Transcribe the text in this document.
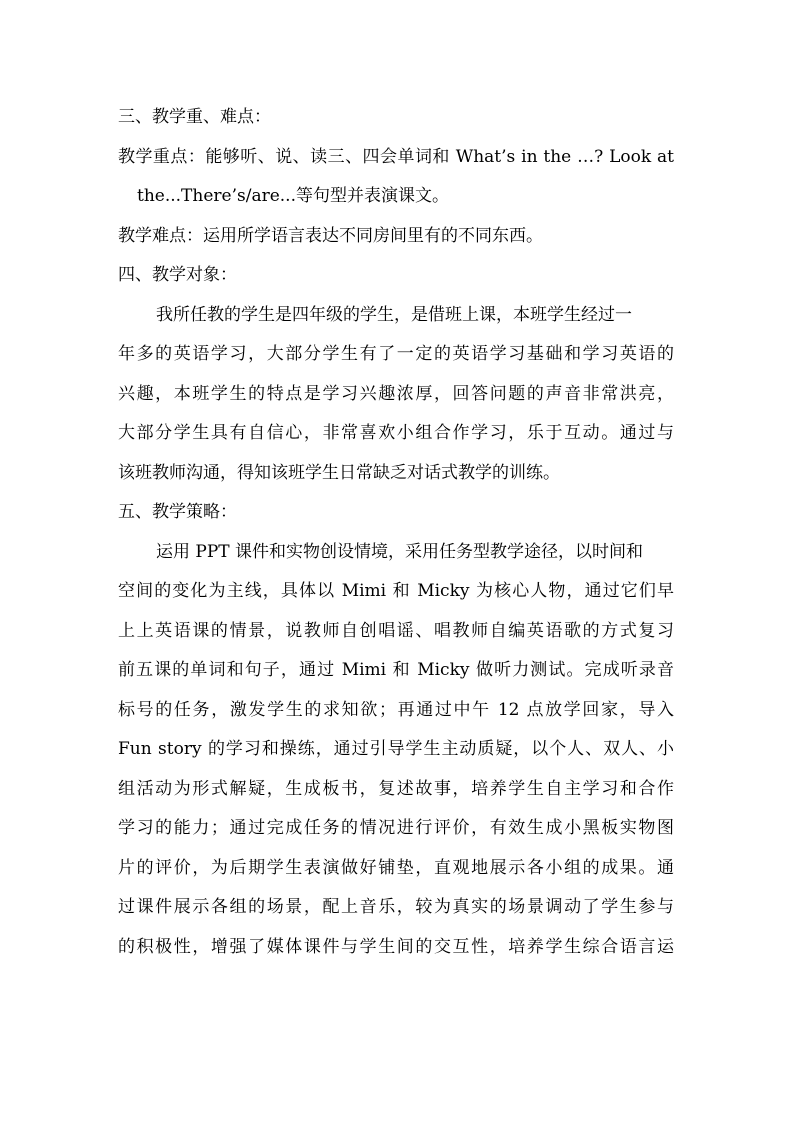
三、教学重、难点：
教学重点：能够听、说、读三、四会单词和 What’s in the …? Look at
the...There’s/are...等句型并表演课文。
教学难点：运用所学语言表达不同房间里有的不同东西。
四、教学对象：
我所任教的学生是四年级的学生，是借班上课，本班学生经过一
年多的英语学习，大部分学生有了一定的英语学习基础和学习英语的
兴趣，本班学生的特点是学习兴趣浓厚，回答问题的声音非常洪亮，
大部分学生具有自信心，非常喜欢小组合作学习，乐于互动。通过与
该班教师沟通，得知该班学生日常缺乏对话式教学的训练。
五、教学策略：
运用 PPT 课件和实物创设情境，采用任务型教学途径，以时间和
空间的变化为主线，具体以 Mimi 和 Micky 为核心人物，通过它们早
上上英语课的情景，说教师自创唱谣、唱教师自编英语歌的方式复习
前五课的单词和句子，通过 Mimi 和 Micky 做听力测试。完成听录音
标号的任务，激发学生的求知欲；再通过中午 12 点放学回家，导入
Fun story 的学习和操练，通过引导学生主动质疑，以个人、双人、小
组活动为形式解疑，生成板书，复述故事，培养学生自主学习和合作
学习的能力；通过完成任务的情况进行评价，有效生成小黑板实物图
片的评价，为后期学生表演做好铺垫，直观地展示各小组的成果。通
过课件展示各组的场景，配上音乐，较为真实的场景调动了学生参与
的积极性，增强了媒体课件与学生间的交互性，培养学生综合语言运
